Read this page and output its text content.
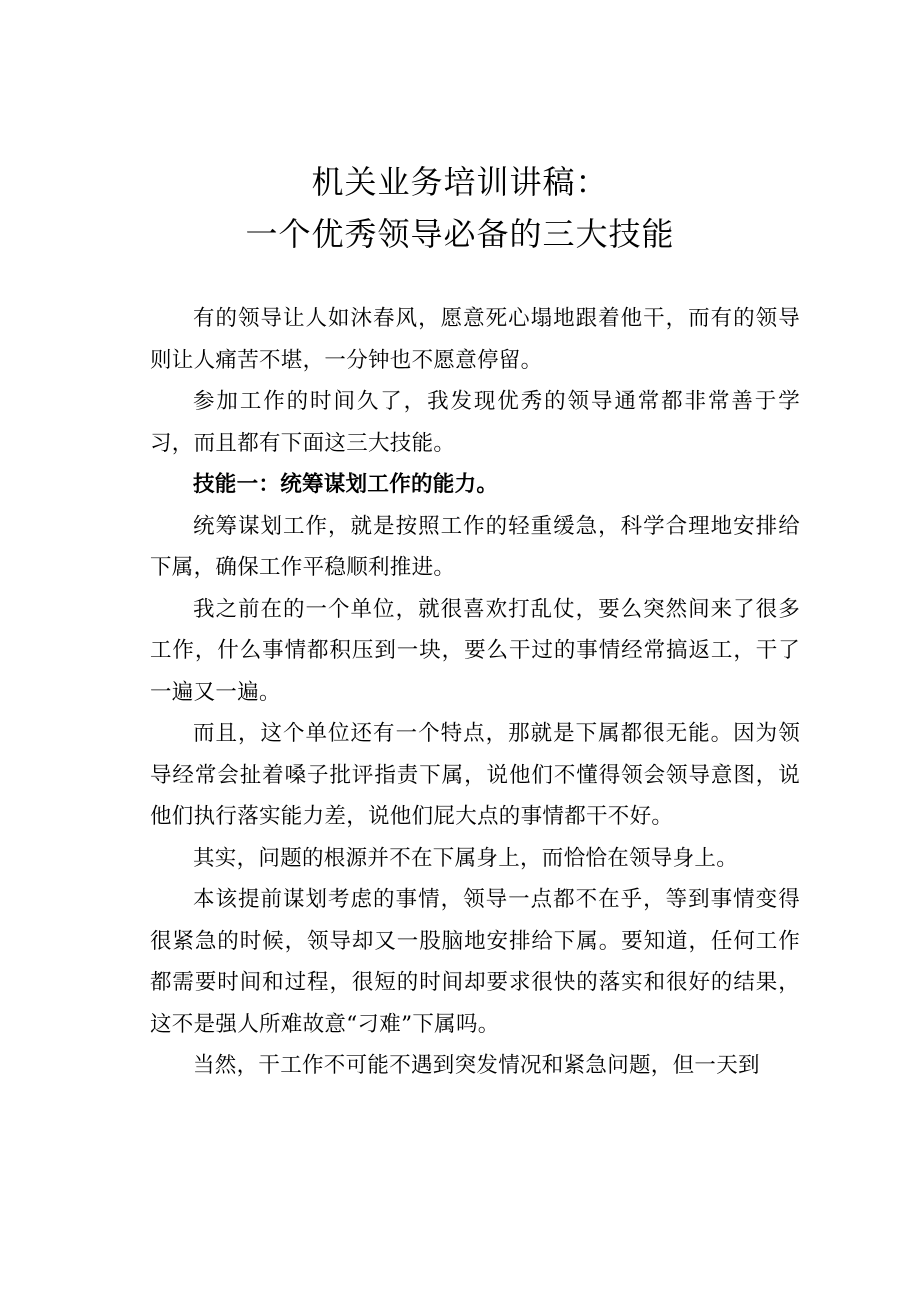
机关业务培训讲稿：
一个优秀领导必备的三大技能

有的领导让人如沐春风，愿意死心塌地跟着他干，而有的领导则让人痛苦不堪，一分钟也不愿意停留。

参加工作的时间久了，我发现优秀的领导通常都非常善于学习，而且都有下面这三大技能。

技能一：统筹谋划工作的能力。

统筹谋划工作，就是按照工作的轻重缓急，科学合理地安排给下属，确保工作平稳顺利推进。

我之前在的一个单位，就很喜欢打乱仗，要么突然间来了很多工作，什么事情都积压到一块，要么干过的事情经常搞返工，干了一遍又一遍。

而且，这个单位还有一个特点，那就是下属都很无能。因为领导经常会扯着嗓子批评指责下属，说他们不懂得领会领导意图，说他们执行落实能力差，说他们屁大点的事情都干不好。

其实，问题的根源并不在下属身上，而恰恰在领导身上。

本该提前谋划考虑的事情，领导一点都不在乎，等到事情变得很紧急的时候，领导却又一股脑地安排给下属。要知道，任何工作都需要时间和过程，很短的时间却要求很快的落实和很好的结果，这不是强人所难故意“刁难”下属吗。

当然，干工作不可能不遇到突发情况和紧急问题，但一天到
